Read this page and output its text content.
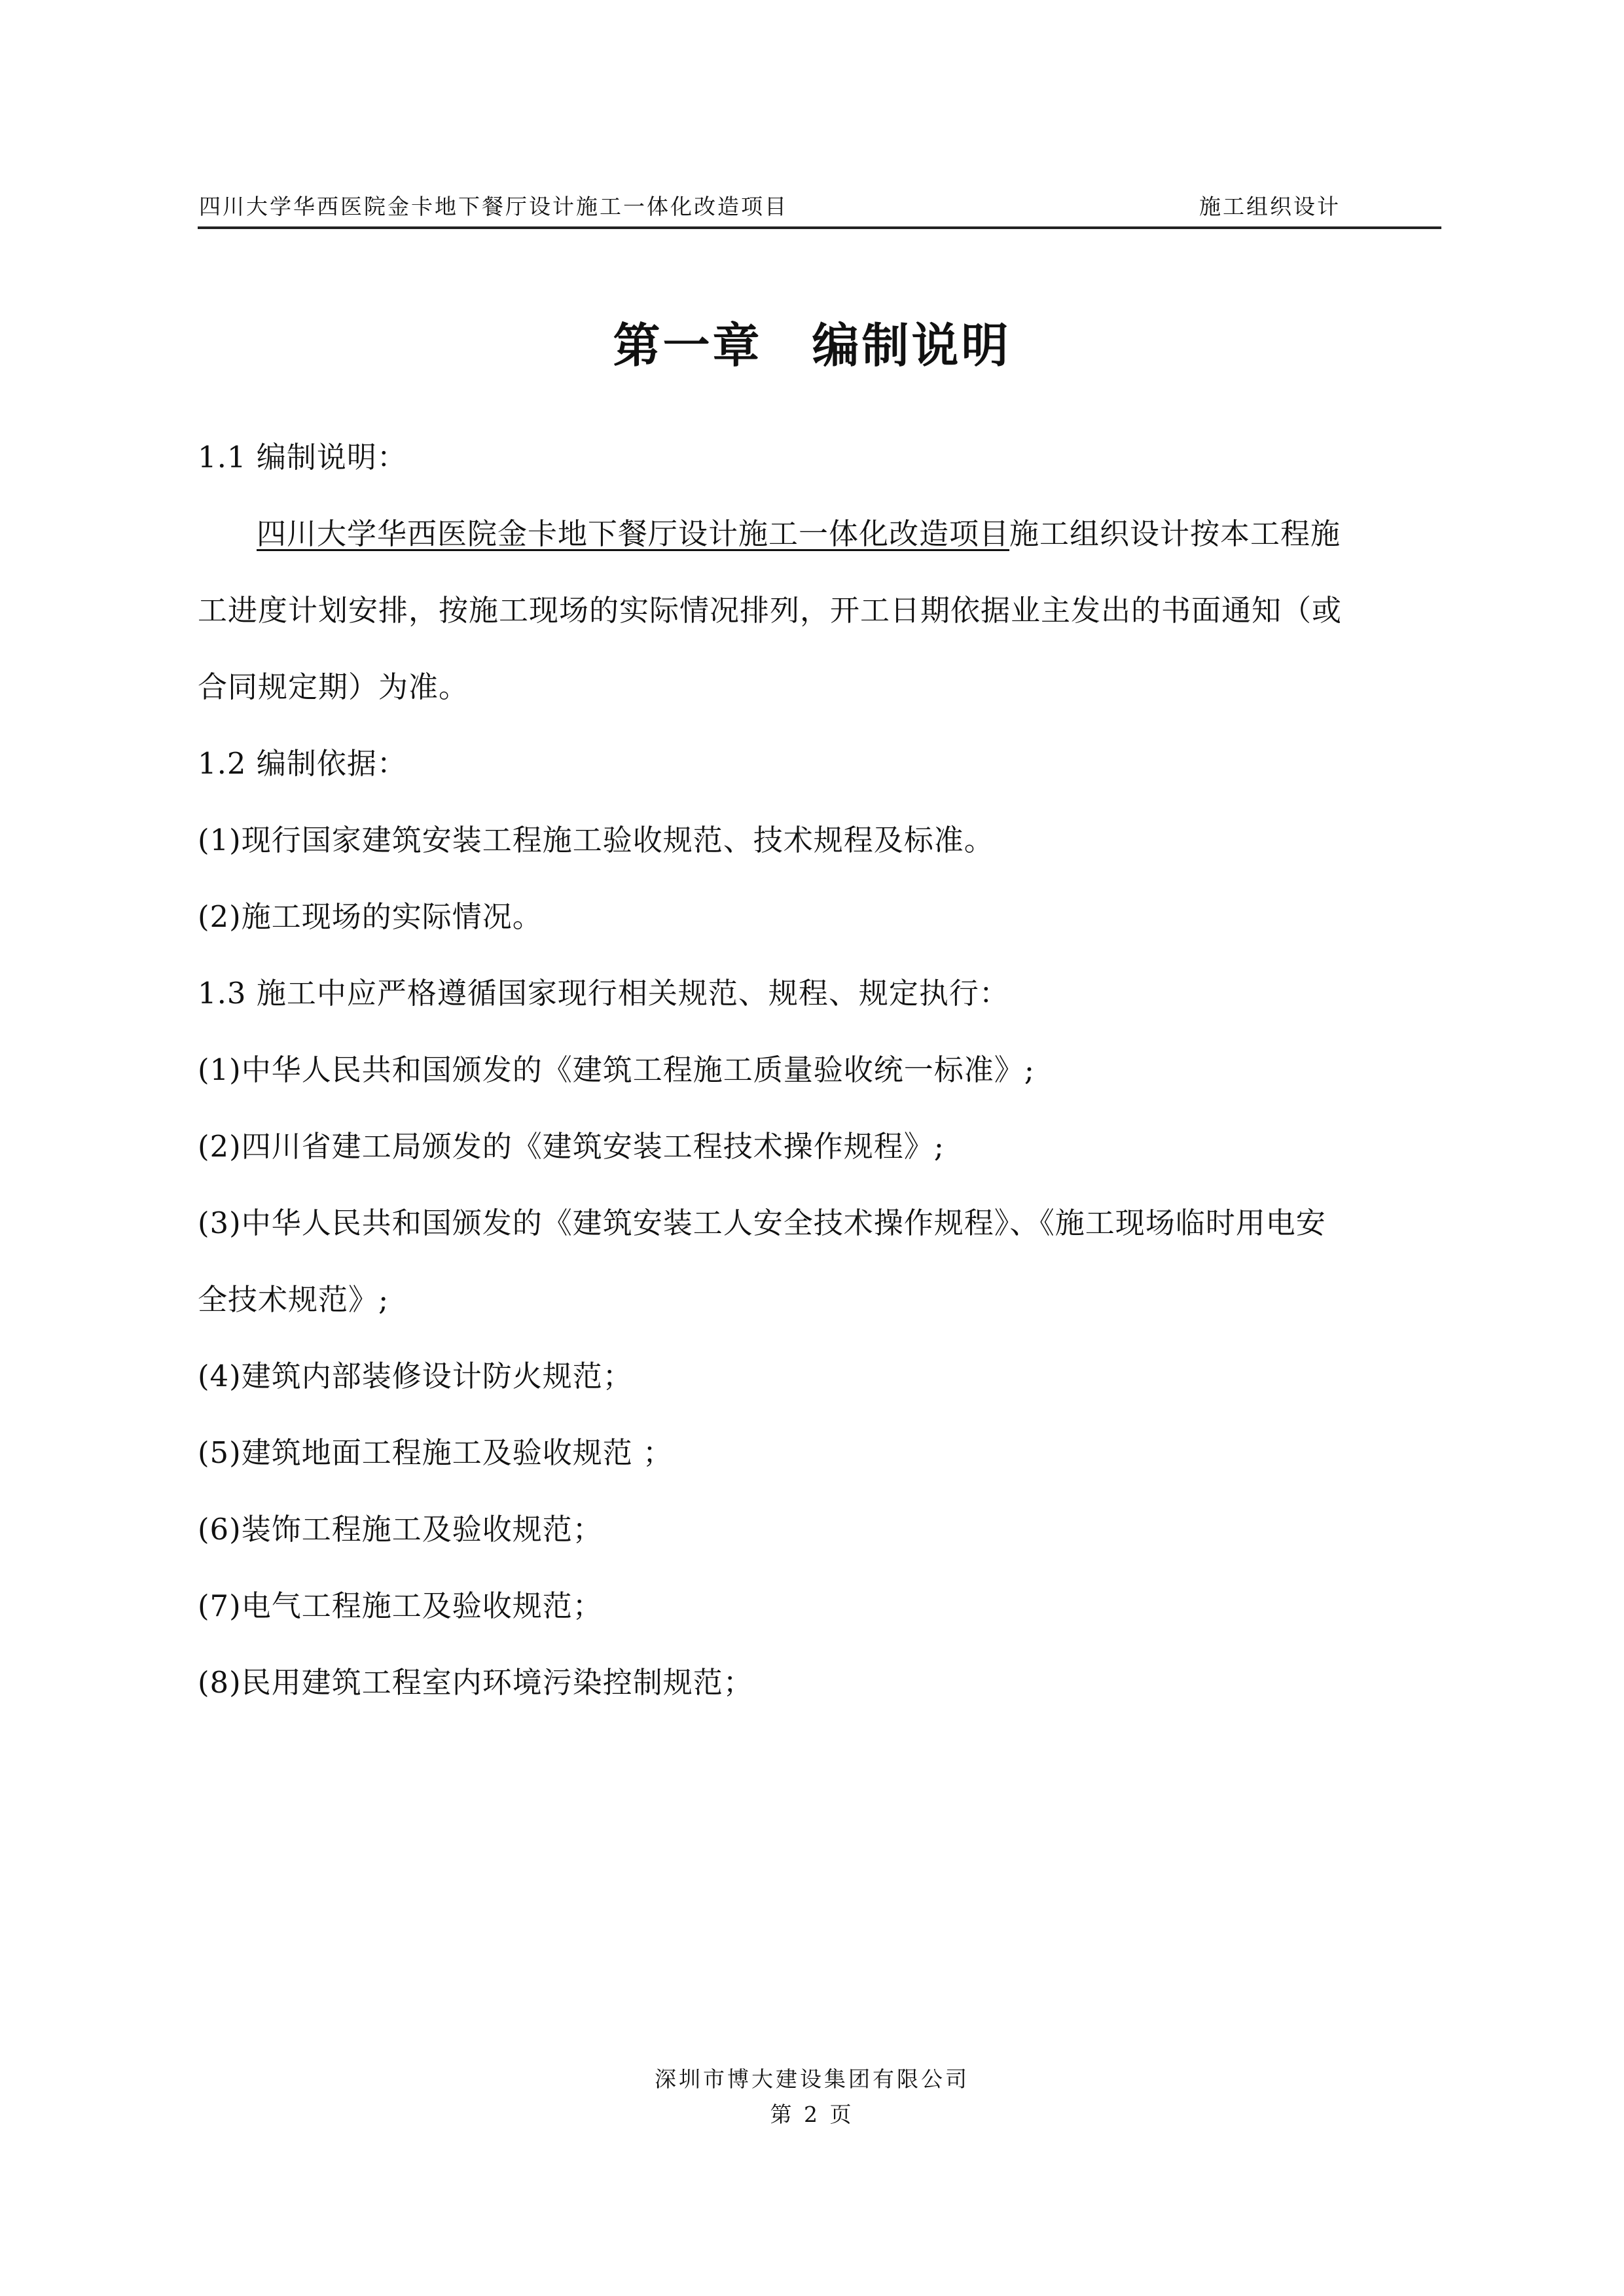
四川大学华西医院金卡地下餐厅设计施工一体化改造项目	施工组织设计
第一章　编制说明
1.1 编制说明：
四川大学华西医院金卡地下餐厅设计施工一体化改造项目施工组织设计按本工程施
工进度计划安排，按施工现场的实际情况排列，开工日期依据业主发出的书面通知（或
合同规定期）为准。
1.2 编制依据：
(1)现行国家建筑安装工程施工验收规范、技术规程及标准。
(2)施工现场的实际情况。
1.3 施工中应严格遵循国家现行相关规范、规程、规定执行：
(1)中华人民共和国颁发的《建筑工程施工质量验收统一标准》;
(2)四川省建工局颁发的《建筑安装工程技术操作规程》;
(3)中华人民共和国颁发的《建筑安装工人安全技术操作规程》、《施工现场临时用电安
全技术规范》;
(4)建筑内部装修设计防火规范；
(5)建筑地面工程施工及验收规范 ；
(6)装饰工程施工及验收规范；
(7)电气工程施工及验收规范；
(8)民用建筑工程室内环境污染控制规范；
深圳市博大建设集团有限公司
第 2 页
